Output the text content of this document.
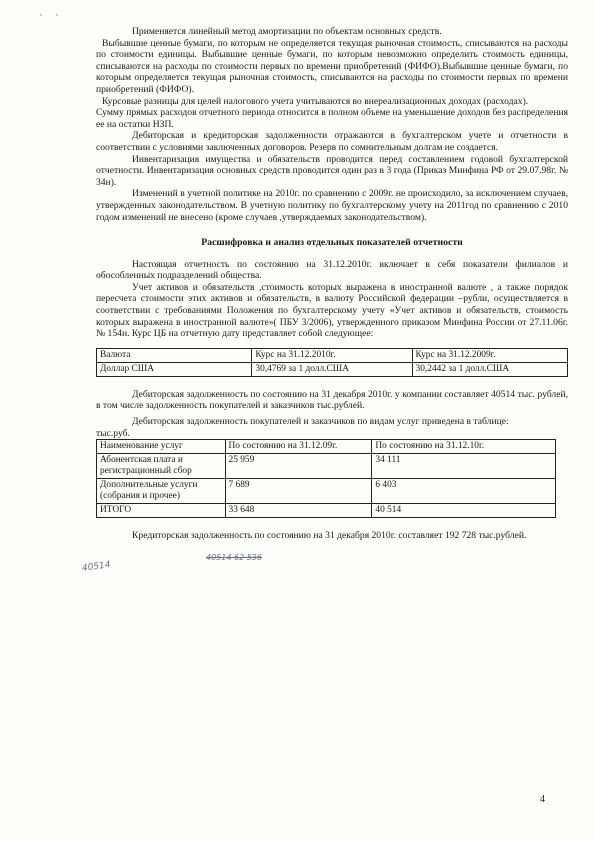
, ,

Применяется линейный метод амортизации по объектам основных средств.

Выбывшие ценные бумаги, по которым не определяется текущая рыночная стоимость, списываются на расходы по стоимости единицы. Выбывшие ценные бумаги, по которым невозможно определить стоимость единицы, списываются на расходы по стоимости первых по времени приобретений (ФИФО).Выбывшие ценные бумаги, по которым определяется текущая рыночная стоимость, списываются на расходы по стоимости первых по времени приобретений (ФИФО).

Курсовые разницы для целей налогового учета учитываются во внереализационных доходах (расходах).

Сумму прямых расходов отчетного периода относится в полном объеме на уменьшение доходов без распределения ее на остатки НЗП.

Дебиторская и кредиторская задолженности отражаются в бухгалтерском учете и отчетности в соответствии с условиями заключенных договоров. Резерв по сомнительным долгам не создается.

Инвентаризация имущества и обязательств проводится перед составлением годовой бухгалтерской отчетности. Инвентаризация основных средств проводится один раз в 3 года (Приказ Минфина РФ от 29.07.98г. № 34н).

Изменений в учетной политике на 2010г. по сравнению с 2009г. не происходило, за исключением случаев, утвержденных законодательством. В учетную политику по бухгалтерскому учету на 2011год по сравнению с 2010 годом изменений не внесено (кроме случаев ,утверждаемых законодательством).

Расшифровка и анализ отдельных показателей отчетности

Настоящая отчетность по состоянию на 31.12.2010г. включает в себя показатели филиалов и обособленных подразделений общества.

Учет активов и обязательств ,стоимость которых выражена в иностранной валюте , а также порядок пересчета стоимости этих активов и обязательств, в валюту Российской федерации –рубли, осуществляется в соответствии с требованиями Положения по бухгалтерскому учету «Учет активов и обязательств, стоимость которых выражена в иностранной валюте»( ПБУ 3/2006), утвержденного приказом Минфина России от 27.11.06г. № 154н. Курс ЦБ на отчетную дату представляет собой следующее:

Валюта	Курс на 31.12.2010г.	Курс на 31.12.2009г.
Доллар США	30,4769 за 1 долл.США	30,2442 за 1 долл.США

Дебиторская задолженность по состоянию на 31 декабря 2010г. у компании составляет 40514 тыс. рублей, в том числе задолженность покупателей и заказчиков тыс.рублей.

Дебиторская задолженность покупателей и заказчиков по видам услуг приведена в таблице:

тыс.руб.

Наименование услуг	По состоянию на 31.12.09г.	По состоянию на 31.12.10г.
Абонентская плата и регистрационный сбор	25 959	34 111
Дополнительные услуги (собрания и прочее)	7 689	6 403
ИТОГО	33 648	40 514

Кредиторская задолженность по состоянию на 31 декабря 2010г. составляет 192 728 тыс.рублей.

40514
40514 62 536
4
